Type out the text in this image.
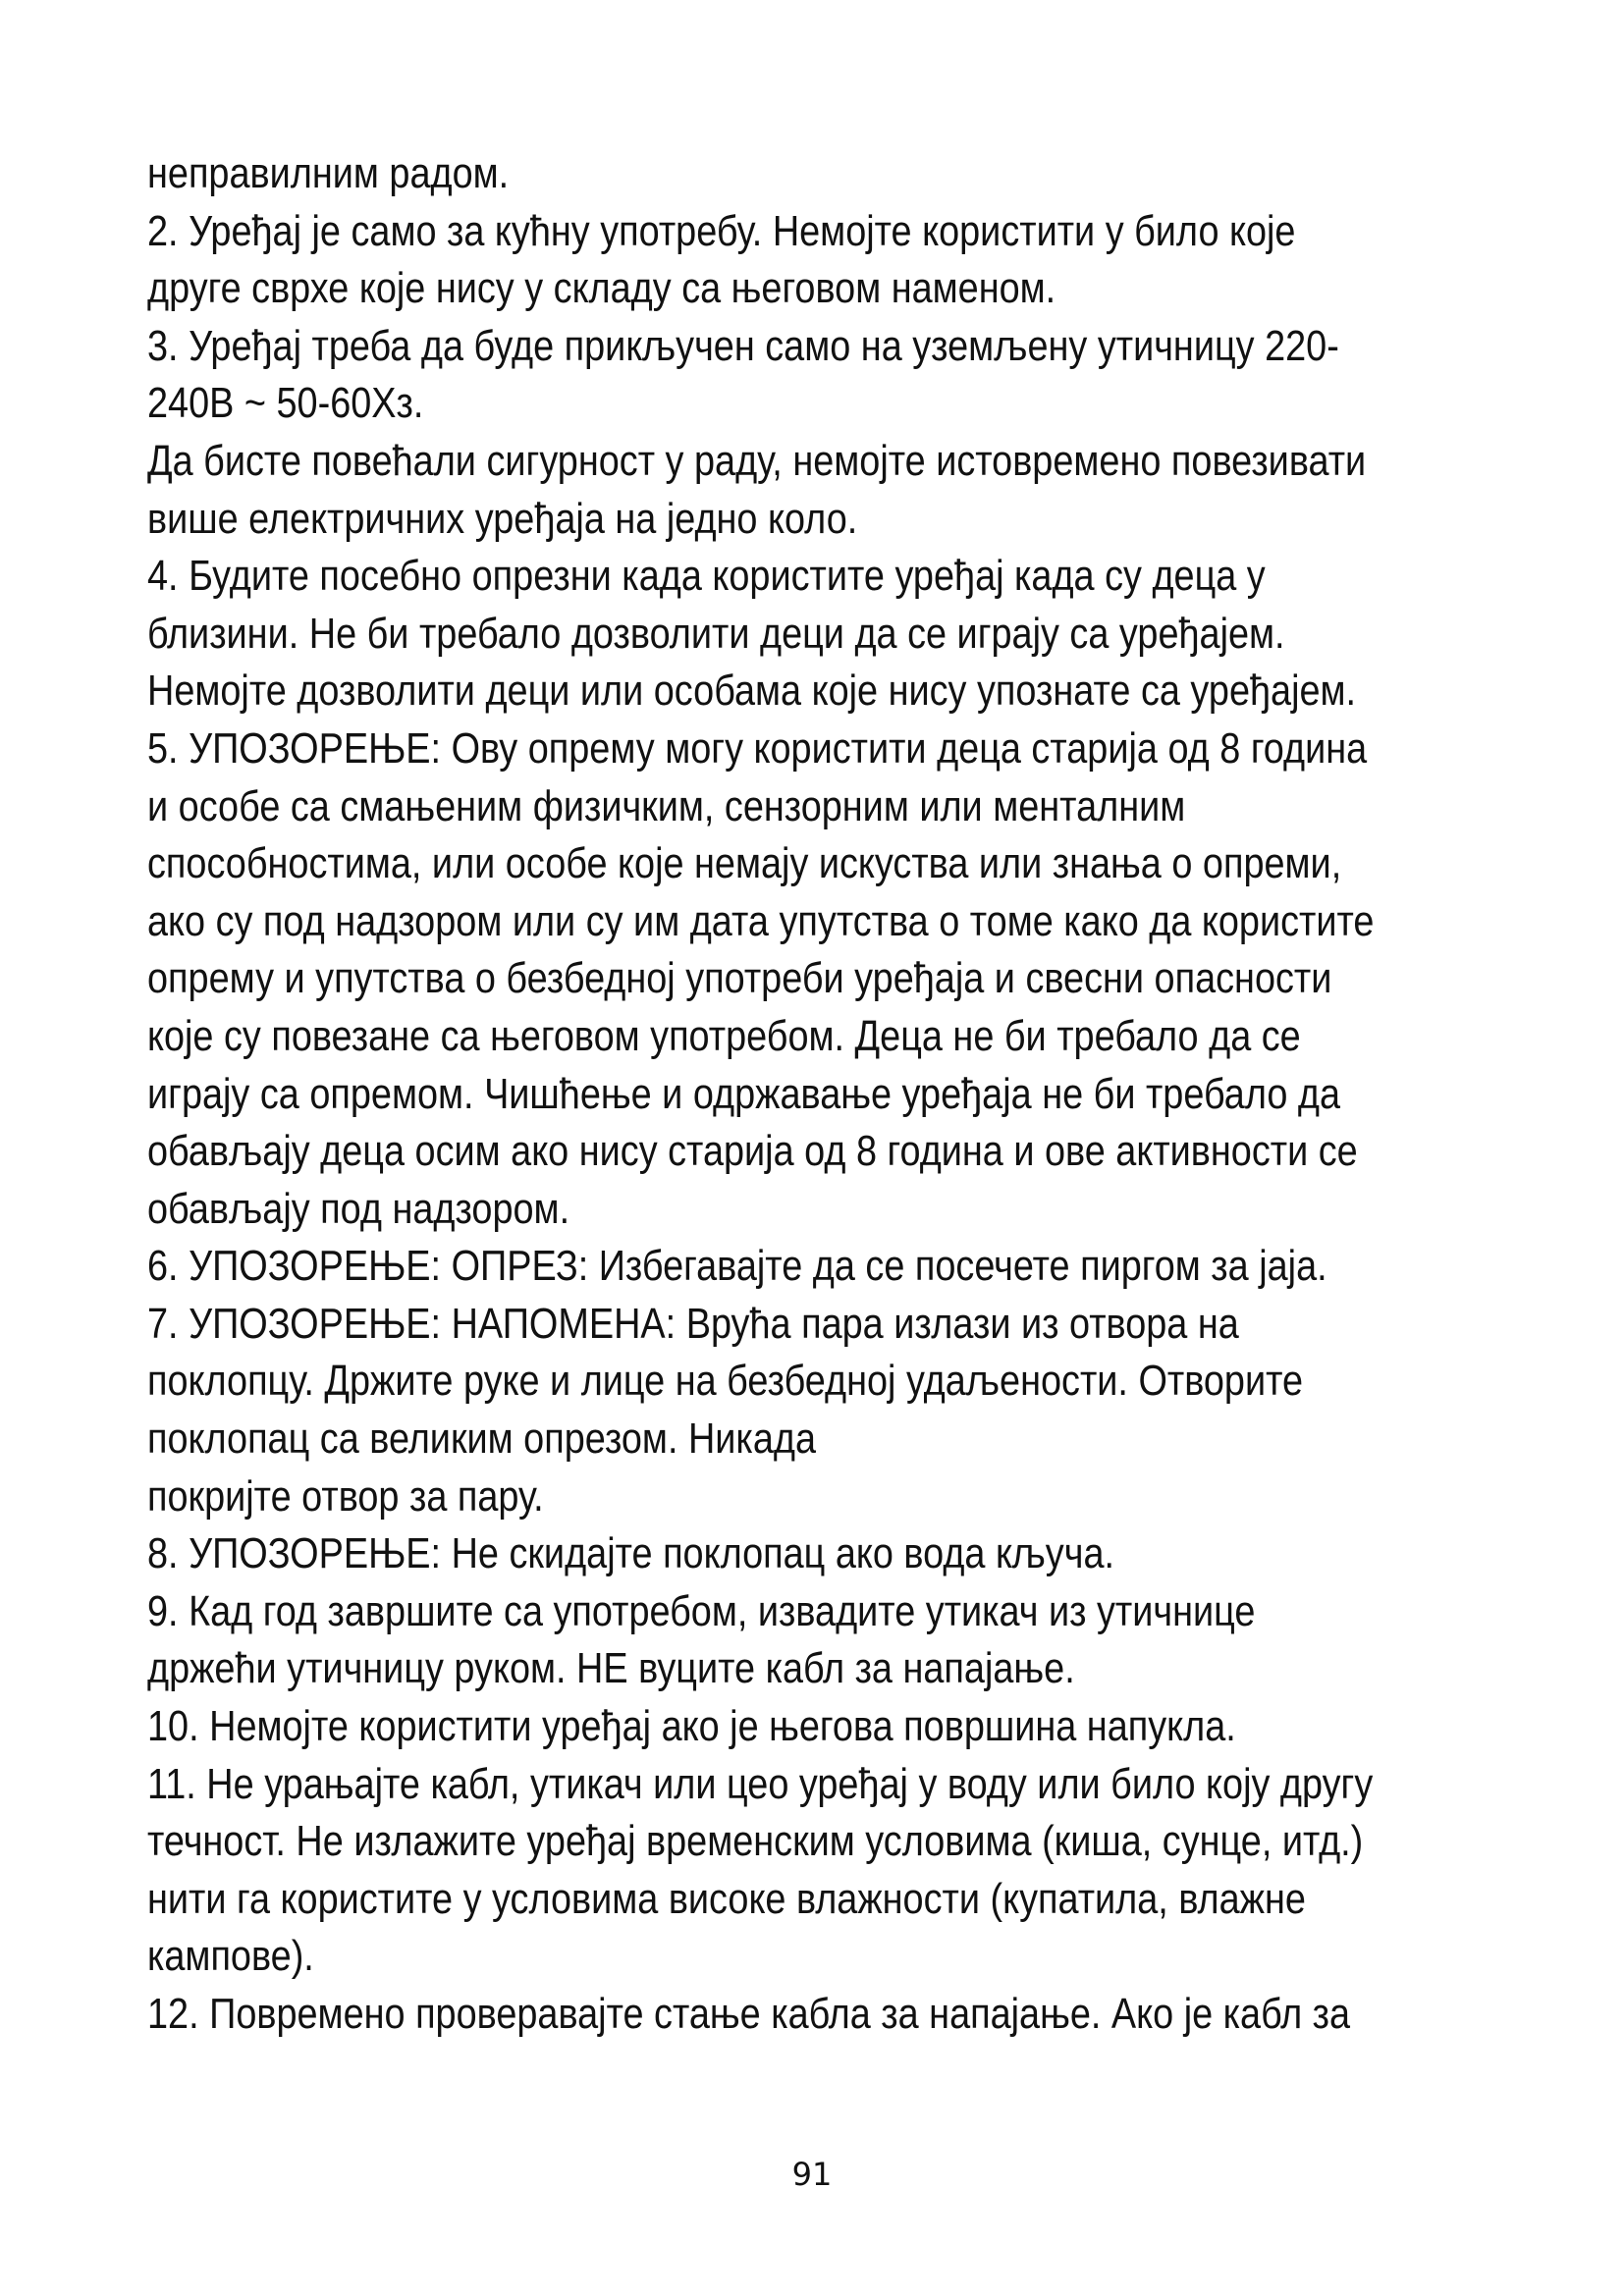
неправилним радом.
2. Уређај је само за кућну употребу. Немојте користити у било које
друге сврхе које нису у складу са његовом наменом.
3. Уређај треба да буде прикључен само на уземљену утичницу 220-
240В ~ 50-60Хз.
Да бисте повећали сигурност у раду, немојте истовремено повезивати
више електричних уређаја на једно коло.
4. Будите посебно опрезни када користите уређај када су деца у
близини. Не би требало дозволити деци да се играју са уређајем.
Немојте дозволити деци или особама које нису упознате са уређајем.
5. УПОЗОРЕЊЕ: Ову опрему могу користити деца старија од 8 година
и особе са смањеним физичким, сензорним или менталним
способностима, или особе које немају искуства или знања о опреми,
ако су под надзором или су им дата упутства о томе како да користите
опрему и упутства о безбедној употреби уређаја и свесни опасности
које су повезане са његовом употребом. Деца не би требало да се
играју са опремом. Чишћење и одржавање уређаја не би требало да
обављају деца осим ако нису старија од 8 година и ове активности се
обављају под надзором.
6. УПОЗОРЕЊЕ: ОПРЕЗ: Избегавајте да се посечете пиргом за јаја.
7. УПОЗОРЕЊЕ: НАПОМЕНА: Врућа пара излази из отвора на
поклопцу. Држите руке и лице на безбедној удаљености. Отворите
поклопац са великим опрезом. Никада
покријте отвор за пару.
8. УПОЗОРЕЊЕ: Не скидајте поклопац ако вода кључа.
9. Кад год завршите са употребом, извадите утикач из утичнице
држећи утичницу руком. НЕ вуците кабл за напајање.
10. Немојте користити уређај ако је његова површина напукла.
11. Не урањајте кабл, утикач или цео уређај у воду или било коју другу
течност. Не излажите уређај временским условима (киша, сунце, итд.)
нити га користите у условима високе влажности (купатила, влажне
кампове).
12. Повремено проверавајте стање кабла за напајање. Ако је кабл за
91
